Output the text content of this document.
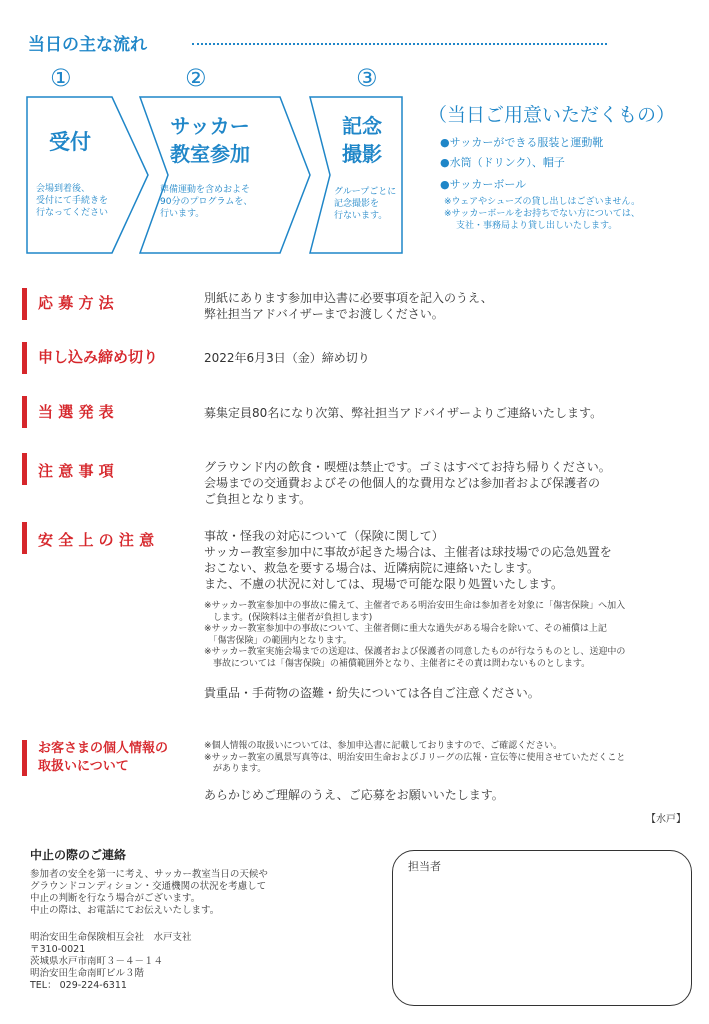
当日の主な流れ
①	②	③
受付
会場到着後、
受付にて手続きを
行なってください
サッカー
教室参加
準備運動を含めおよそ
90分のプログラムを、
行います。
記念
撮影
グループごとに
記念撮影を
行ないます。
（当日ご用意いただくもの）
●サッカーができる服装と運動靴
●水筒（ドリンク）、帽子
●サッカーボール
※ウェアやシューズの貸し出しはございません。
※サッカーボールをお持ちでない方については、
支社・事務局より貸し出しいたします。
応 募 方 法	別紙にあります参加申込書に必要事項を記入のうえ、
弊社担当アドバイザーまでお渡しください。
申し込み締め切り	2022年6月3日（金）締め切り
当 選 発 表	募集定員80名になり次第、弊社担当アドバイザーよりご連絡いたします。
注 意 事 項	グラウンド内の飲食・喫煙は禁止です。ゴミはすべてお持ち帰りください。
会場までの交通費およびその他個人的な費用などは参加者および保護者の
ご負担となります。
安 全 上 の 注 意	事故・怪我の対応について（保険に関して）
サッカー教室参加中に事故が起きた場合は、主催者は球技場での応急処置を
おこない、救急を要する場合は、近隣病院に連絡いたします。
また、不慮の状況に対しては、現場で可能な限り処置いたします。
※サッカー教室参加中の事故に備えて、主催者である明治安田生命は参加者を対象に「傷害保険」へ加入
　します。(保険料は主催者が負担します)
※サッカー教室参加中の事故について、主催者側に重大な過失がある場合を除いて、その補償は上記
　「傷害保険」の範囲内となります。
※サッカー教室実施会場までの送迎は、保護者および保護者の同意したものが行なうものとし、送迎中の
　事故については「傷害保険」の補償範囲外となり、主催者にその責は問わないものとします。
貴重品・手荷物の盗難・紛失については各自ご注意ください。
お客さまの個人情報の
取扱いについて
※個人情報の取扱いについては、参加申込書に記載しておりますので、ご確認ください。
※サッカー教室の風景写真等は、明治安田生命およびＪリーグの広報・宣伝等に使用させていただくこと
　があります。
あらかじめご理解のうえ、ご応募をお願いいたします。
【水戸】
中止の際のご連絡
参加者の安全を第一に考え、サッカー教室当日の天候や
グラウンドコンディション・交通機関の状況を考慮して
中止の判断を行なう場合がございます。
中止の際は、お電話にてお伝えいたします。
明治安田生命保険相互会社　水戸支社
〒310-0021
茨城県水戸市南町３－４－１４
明治安田生命南町ビル３階
TEL： 029-224-6311
担当者
